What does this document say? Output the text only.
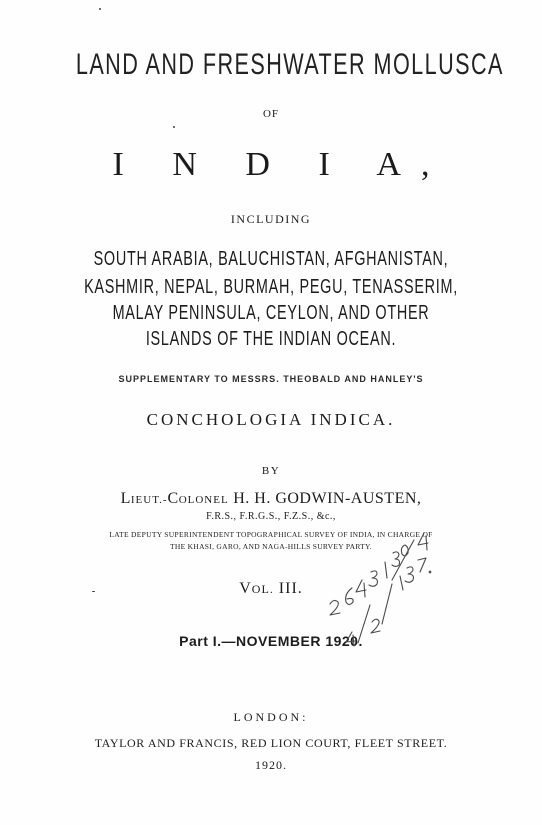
LAND AND FRESHWATER MOLLUSCA
OF
I N D I A,
INCLUDING
SOUTH ARABIA, BALUCHISTAN, AFGHANISTAN,
KASHMIR, NEPAL, BURMAH, PEGU, TENASSERIM,
MALAY PENINSULA, CEYLON, AND OTHER
ISLANDS OF THE INDIAN OCEAN.
SUPPLEMENTARY TO MESSRS. THEOBALD AND HANLEY'S
CONCHOLOGIA INDICA.
BY
LIEUT.-COLONEL H. H. GODWIN-AUSTEN,
F.R.S., F.R.G.S., F.Z.S., &c.,
LATE DEPUTY SUPERINTENDENT TOPOGRAPHICAL SURVEY OF INDIA, IN CHARGE OF
THE KHASI, GARO, AND NAGA-HILLS SURVEY PARTY.
VOL. III.
Part I.—NOVEMBER 1920.
LONDON:
TAYLOR AND FRANCIS, RED LION COURT, FLEET STREET.
1920.
